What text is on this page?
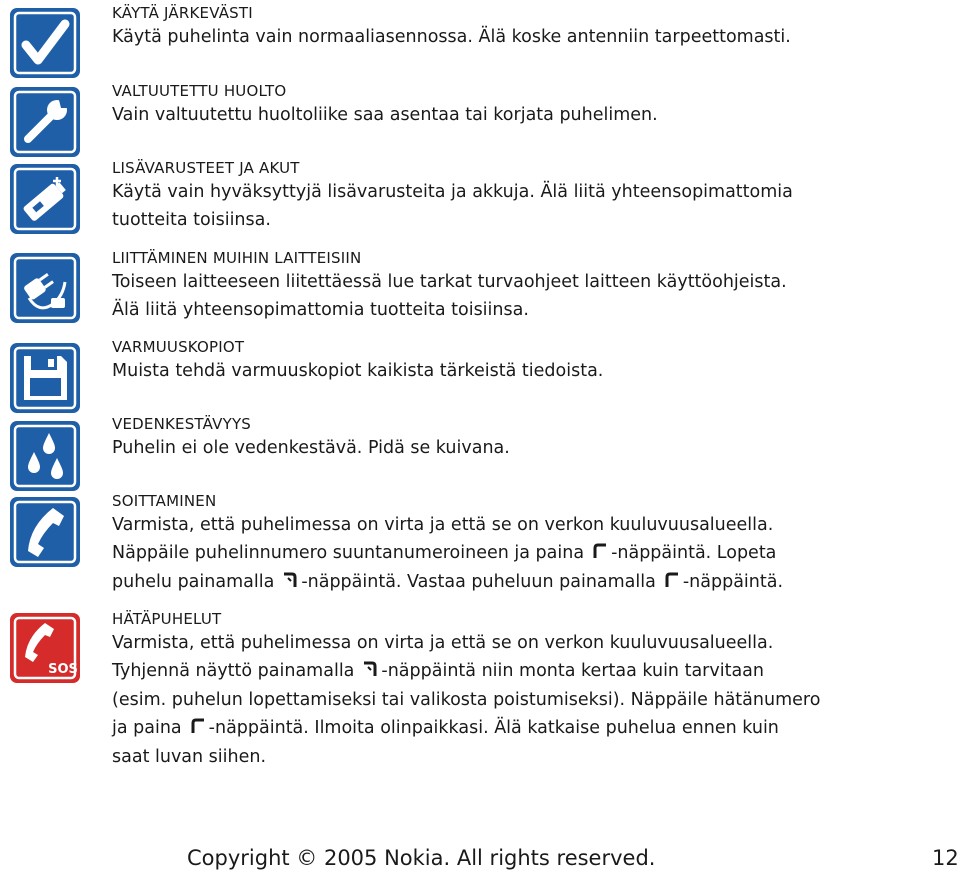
SOS
KÄYTÄ JÄRKEVÄSTI
Käytä puhelinta vain normaaliasennossa. Älä koske antenniin tarpeettomasti.
VALTUUTETTU HUOLTO
Vain valtuutettu huoltoliike saa asentaa tai korjata puhelimen.
LISÄVARUSTEET JA AKUT
Käytä vain hyväksyttyjä lisävarusteita ja akkuja. Älä liitä yhteensopimattomia
tuotteita toisiinsa.
LIITTÄMINEN MUIHIN LAITTEISIIN
Toiseen laitteeseen liitettäessä lue tarkat turvaohjeet laitteen käyttöohjeista.
Älä liitä yhteensopimattomia tuotteita toisiinsa.
VARMUUSKOPIOT
Muista tehdä varmuuskopiot kaikista tärkeistä tiedoista.
VEDENKESTÄVYYS
Puhelin ei ole vedenkestävä. Pidä se kuivana.
SOITTAMINEN
Varmista, että puhelimessa on virta ja että se on verkon kuuluvuusalueella.
Näppäile puhelinnumero suuntanumeroineen ja paina -näppäintä. Lopeta
puhelu painamalla -näppäintä. Vastaa puheluun painamalla -näppäintä.
HÄTÄPUHELUT
Varmista, että puhelimessa on virta ja että se on verkon kuuluvuusalueella.
Tyhjennä näyttö painamalla -näppäintä niin monta kertaa kuin tarvitaan
(esim. puhelun lopettamiseksi tai valikosta poistumiseksi). Näppäile hätänumero
ja paina -näppäintä. Ilmoita olinpaikkasi. Älä katkaise puhelua ennen kuin
saat luvan siihen.
Copyright © 2005 Nokia. All rights reserved.	12
